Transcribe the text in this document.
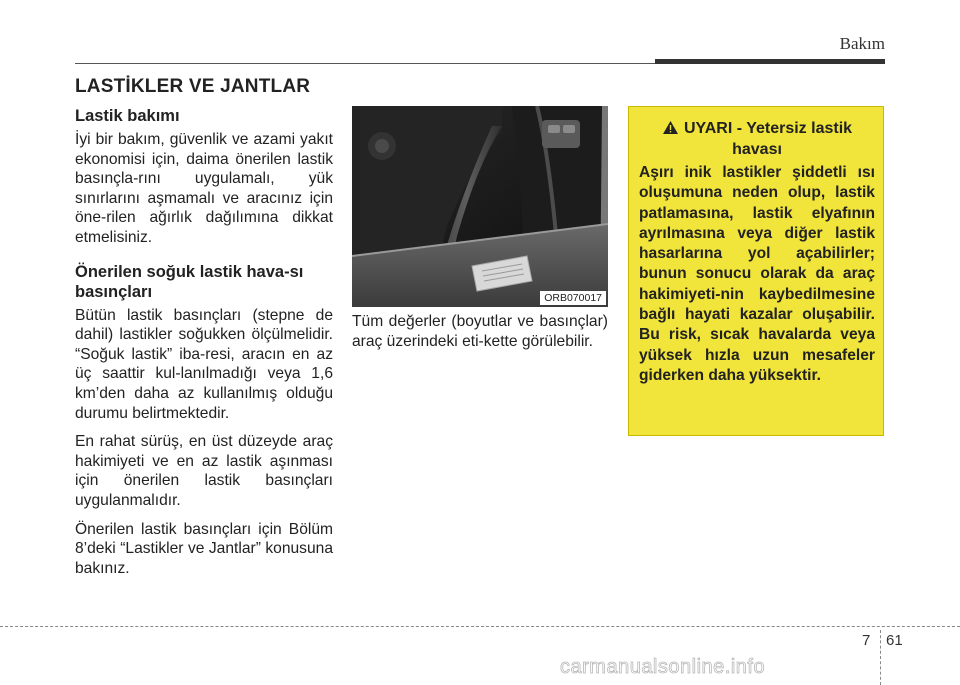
Bakım
LASTİKLER VE JANTLAR
Lastik bakımı

İyi bir bakım, güvenlik ve azami yakıt ekonomisi için, daima önerilen lastik basınçla-rını uygulamalı, yük sınırlarını aşmamalı ve aracınız için öne-rilen ağırlık dağılımına dikkat etmelisiniz.

Önerilen soğuk lastik hava-sı basınçları

Bütün lastik basınçları (stepne de dahil) lastikler soğukken ölçülmelidir. “Soğuk lastik” iba-resi, aracın en az üç saattir kul-lanılmadığı veya 1,6 km’den daha az kullanılmış olduğu durumu belirtmektedir.

En rahat sürüş, en üst düzeyde araç hakimiyeti ve en az lastik aşınması için önerilen lastik basınçları uygulanmalıdır.

Önerilen lastik basınçları için Bölüm 8’deki “Lastikler ve Jantlar” konusuna bakınız.

ORB070017

Tüm değerler (boyutlar ve basınçlar) araç üzerindeki eti-kette görülebilir.

UYARI - Yetersiz lastik havası

Aşırı inik lastikler şiddetli ısı oluşumuna neden olup, lastik patlamasına, lastik elyafının ayrılmasına veya diğer lastik hasarlarına yol açabilirler; bunun sonucu olarak da araç hakimiyeti-nin kaybedilmesine bağlı hayati kazalar oluşabilir. Bu risk, sıcak havalarda veya yüksek hızla uzun mesafeler giderken daha yüksektir.

7 61
carmanualsonline.info
